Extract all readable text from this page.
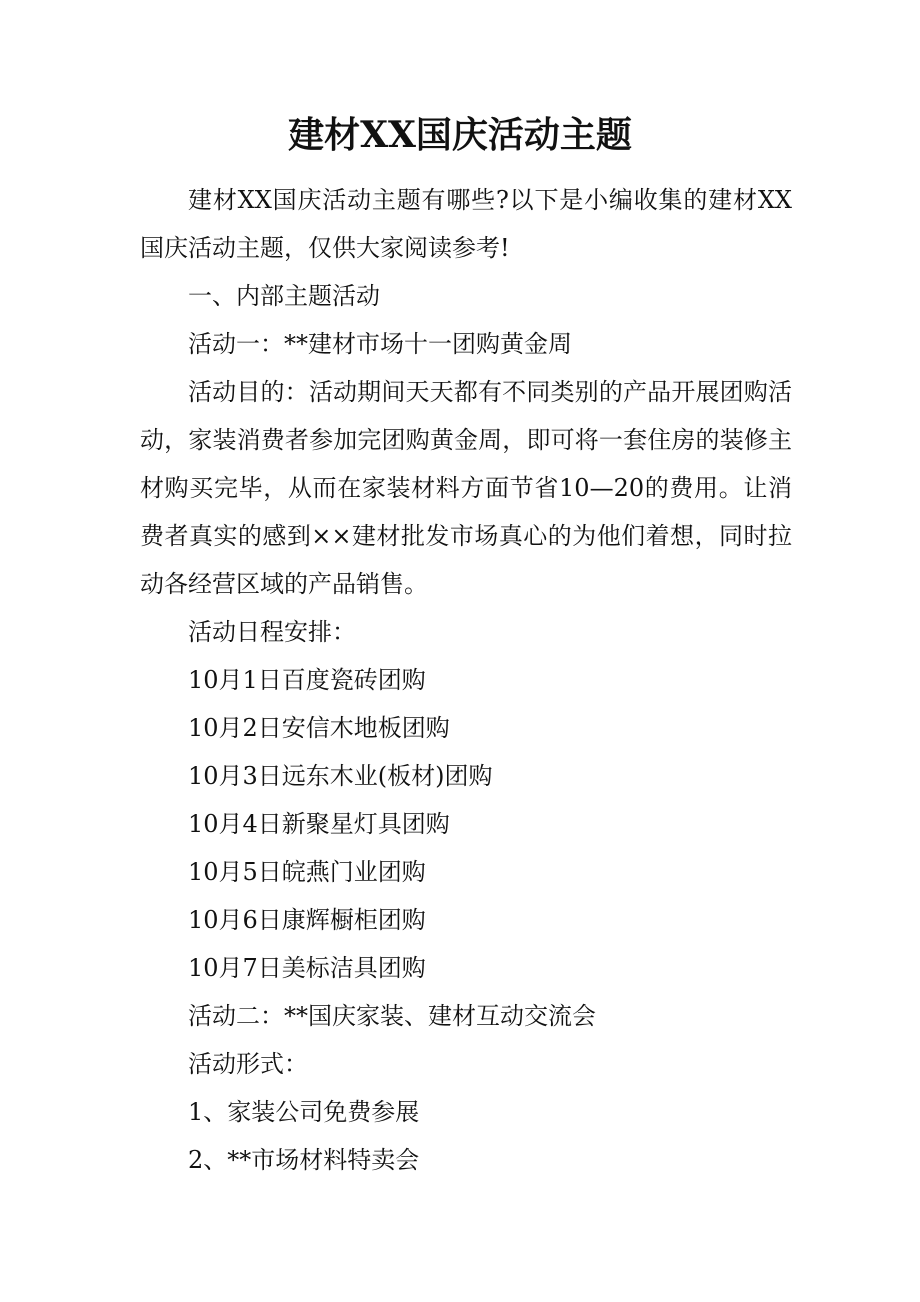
建材XX国庆活动主题

建材XX国庆活动主题有哪些?以下是小编收集的建材XX国庆活动主题，仅供大家阅读参考!

一、内部主题活动

活动一：**建材市场十一团购黄金周

活动目的：活动期间天天都有不同类别的产品开展团购活动，家装消费者参加完团购黄金周，即可将一套住房的装修主材购买完毕，从而在家装材料方面节省10—20的费用。让消费者真实的感到××建材批发市场真心的为他们着想，同时拉动各经营区域的产品销售。

活动日程安排：

10月1日百度瓷砖团购

10月2日安信木地板团购

10月3日远东木业(板材)团购

10月4日新聚星灯具团购

10月5日皖燕门业团购

10月6日康辉橱柜团购

10月7日美标洁具团购

活动二：**国庆家装、建材互动交流会

活动形式：

1、家装公司免费参展

2、**市场材料特卖会
